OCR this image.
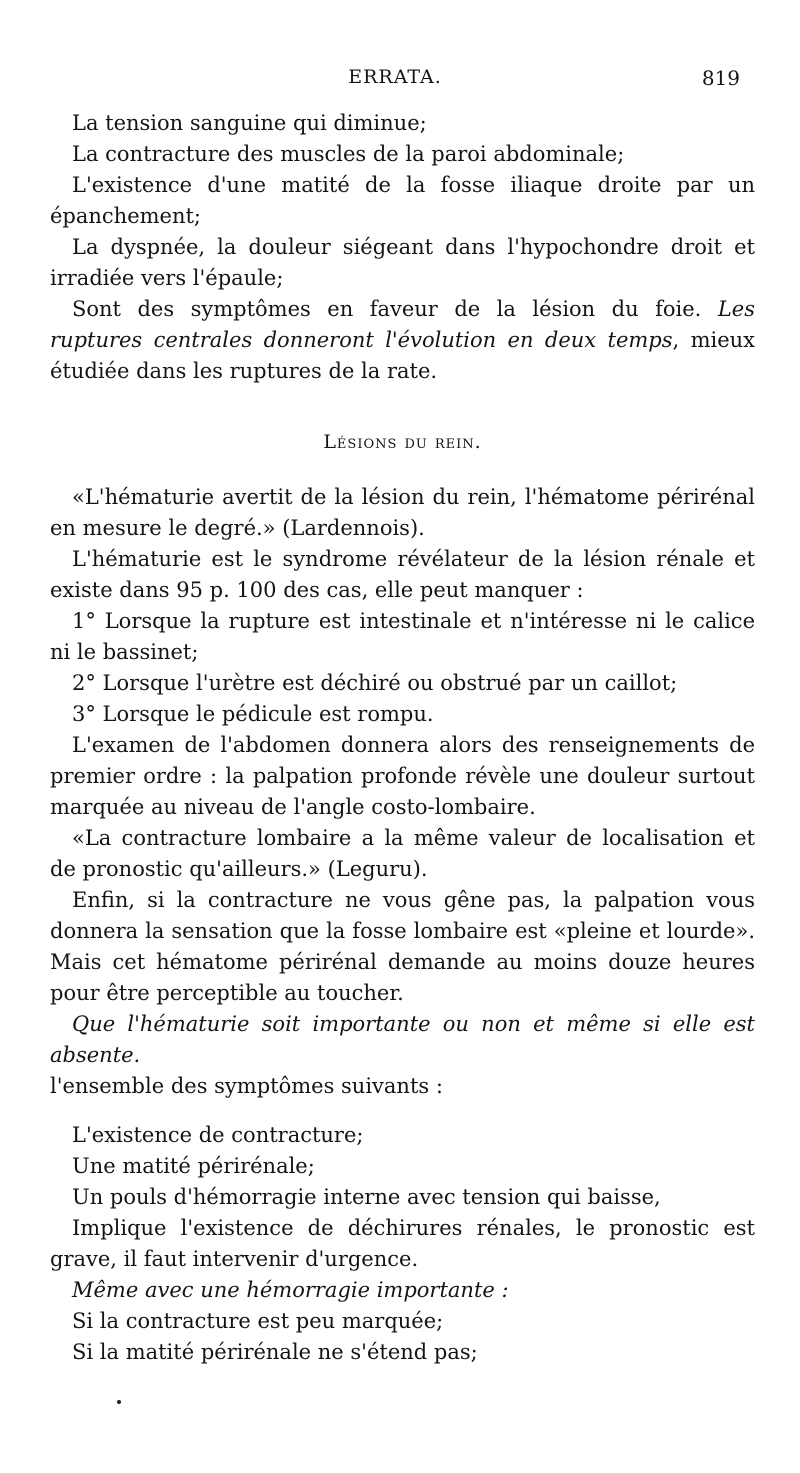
ERRATA.	819

La tension sanguine qui diminue;

La contracture des muscles de la paroi abdominale;

L'existence d'une matité de la fosse iliaque droite par un épanchement;

La dyspnée, la douleur siégeant dans l'hypochondre droit et irradiée vers l'épaule;

Sont des symptômes en faveur de la lésion du foie. Les ruptures centrales donneront l'évolution en deux temps, mieux étudiée dans les ruptures de la rate.

Lésions du rein.

«L'hématurie avertit de la lésion du rein, l'hématome périrénal en mesure le degré.» (Lardennois).

L'hématurie est le syndrome révélateur de la lésion rénale et existe dans 95 p. 100 des cas, elle peut manquer :

1° Lorsque la rupture est intestinale et n'intéresse ni le calice ni le bassinet;

2° Lorsque l'urètre est déchiré ou obstrué par un caillot;

3° Lorsque le pédicule est rompu.

L'examen de l'abdomen donnera alors des renseignements de premier ordre : la palpation profonde révèle une douleur surtout marquée au niveau de l'angle costo-lombaire.

«La contracture lombaire a la même valeur de localisation et de pronostic qu'ailleurs.» (Leguru).

Enfin, si la contracture ne vous gêne pas, la palpation vous donnera la sensation que la fosse lombaire est «pleine et lourde». Mais cet hématome périrénal demande au moins douze heures pour être perceptible au toucher.

Que l'hématurie soit importante ou non et même si elle est absente.

l'ensemble des symptômes suivants :

L'existence de contracture;

Une matité périrénale;

Un pouls d'hémorragie interne avec tension qui baisse,

Implique l'existence de déchirures rénales, le pronostic est grave, il faut intervenir d'urgence.

Même avec une hémorragie importante :

Si la contracture est peu marquée;

Si la matité périrénale ne s'étend pas;
